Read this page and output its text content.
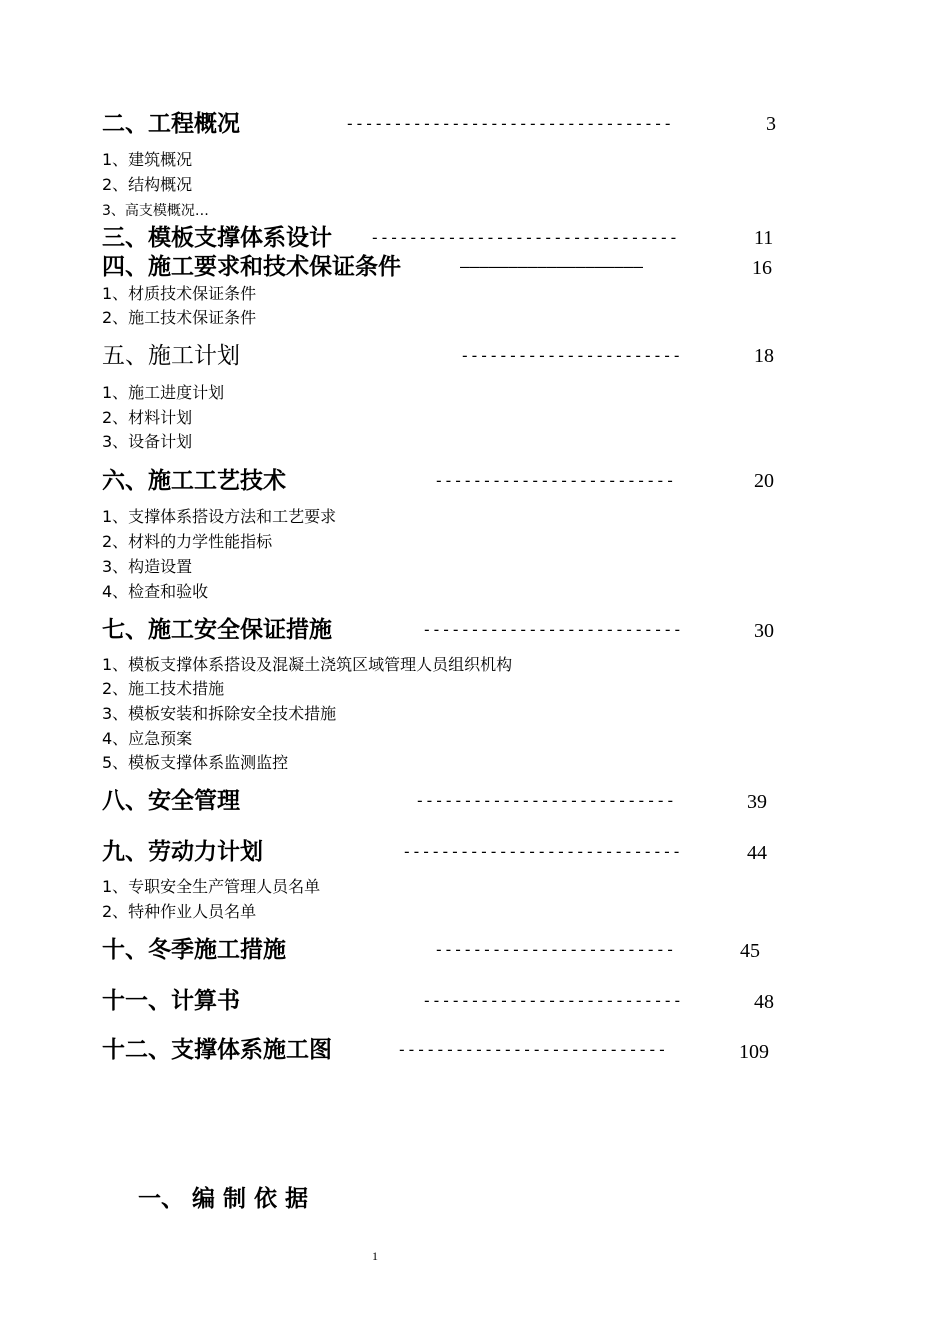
二、工程概况	----------------------------------	3
1、建筑概况
2、结构概况
3、高支模概况…
三、模板支撑体系设计 --------------------------------	11
四、施工要求和技术保证条件	———————————————————	16
1、材质技术保证条件
2、施工技术保证条件
五、施工计划	-----------------------	18
1、施工进度计划
2、材料计划
3、设备计划
六、施工工艺技术	-------------------------	20
1、支撑体系搭设方法和工艺要求
2、材料的力学性能指标
3、构造设置
4、检查和验收
七、施工安全保证措施	---------------------------	30
1、模板支撑体系搭设及混凝土浇筑区域管理人员组织机构
2、施工技术措施
3、模板安装和拆除安全技术措施
4、应急预案
5、模板支撑体系监测监控
八、安全管理	---------------------------	39
九、劳动力计划	-----------------------------	44
1、专职安全生产管理人员名单
2、特种作业人员名单
十、冬季施工措施	-------------------------	45
十一、计算书	---------------------------	48
十二、支撑体系施工图	----------------------------	109
一、 编 制 依 据
1
